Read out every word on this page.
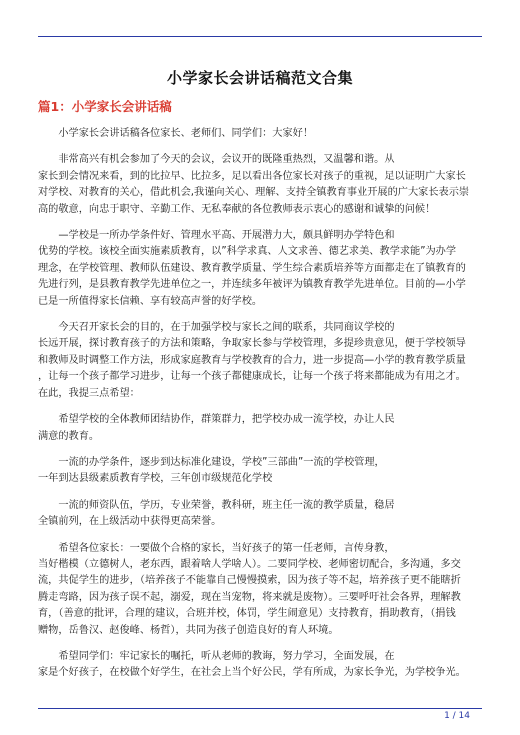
小学家长会讲话稿范文合集
篇1：小学家长会讲话稿

　　小学家长会讲话稿各位家长、老师们、同学们：大家好！

　　非常高兴有机会参加了今天的会议，会议开的既隆重热烈，又温馨和谐。从
家长到会情况来看，到的比拉早、比拉多，足以看出各位家长对孩子的重视，足以证明广大家长
对学校、对教育的关心，借此机会,我谨向关心、理解、支持全镇教育事业开展的广大家长表示崇
高的敬意，向忠于职守、辛勤工作、无私奉献的各位教师表示衷心的感谢和诚挚的问候！

　　—学校是一所办学条件好、管理水平高、开展潜力大，颇具鲜明办学特色和
优势的学校。该校全面实施素质教育，以”科学求真、人文求善、德艺求美、教学求能”为办学
理念，在学校管理、教师队伍建设、教育教学质量、学生综合素质培养等方面都走在了镇教育的
先进行列，是县教育教学先进单位之一，并连续多年被评为镇教育教学先进单位。目前的—小学
已是一所值得家长信赖、享有较高声誉的好学校。

　　今天召开家长会的目的，在于加强学校与家长之间的联系，共同商议学校的
长远开展，探讨教育孩子的方法和策略，争取家长参与学校管理，多提珍贵意见，便于学校领导
和教师及时调整工作方法，形成家庭教育与学校教育的合力，进一步提高—小学的教育教学质量
，让每一个孩子都学习进步，让每一个孩子都健康成长，让每一个孩子将来都能成为有用之才。
在此，我提三点希望：

　　希望学校的全体教师团结协作，群策群力，把学校办成一流学校，办让人民
满意的教育。

　　一流的办学条件，逐步到达标准化建设，学校”三部曲”一流的学校管理，
一年到达县级素质教育学校，三年创市级规范化学校

　　一流的师资队伍，学历，专业荣誉，教科研，班主任一流的教学质量，稳居
全镇前列，在上级活动中获得更高荣誉。

　　希望各位家长：一要做个合格的家长，当好孩子的第一任老师，言传身教，
当好楷模（立德树人，老东西，跟着啥人学啥人）。二要同学校、老师密切配合，多沟通，多交
流，共促学生的进步，（培养孩子不能靠自己慢慢摸索，因为孩子等不起，培养孩子更不能瞎折
腾走弯路，因为孩子误不起，溺爱，现在当宠物，将来就是废物）。三要呼吁社会各界，理解教
育，（善意的批评，合理的建议，合班并校，体罚，学生闹意见）支持教育，捐助教育，（捐钱
赠物，岳鲁汉、赵俊峰、杨哲），共同为孩子创造良好的育人环境。

　　希望同学们：牢记家长的嘱托，听从老师的教诲，努力学习，全面发展，在
家是个好孩子，在校做个好学生，在社会上当个好公民，学有所成，为家长争光，为学校争光。

1 / 14
